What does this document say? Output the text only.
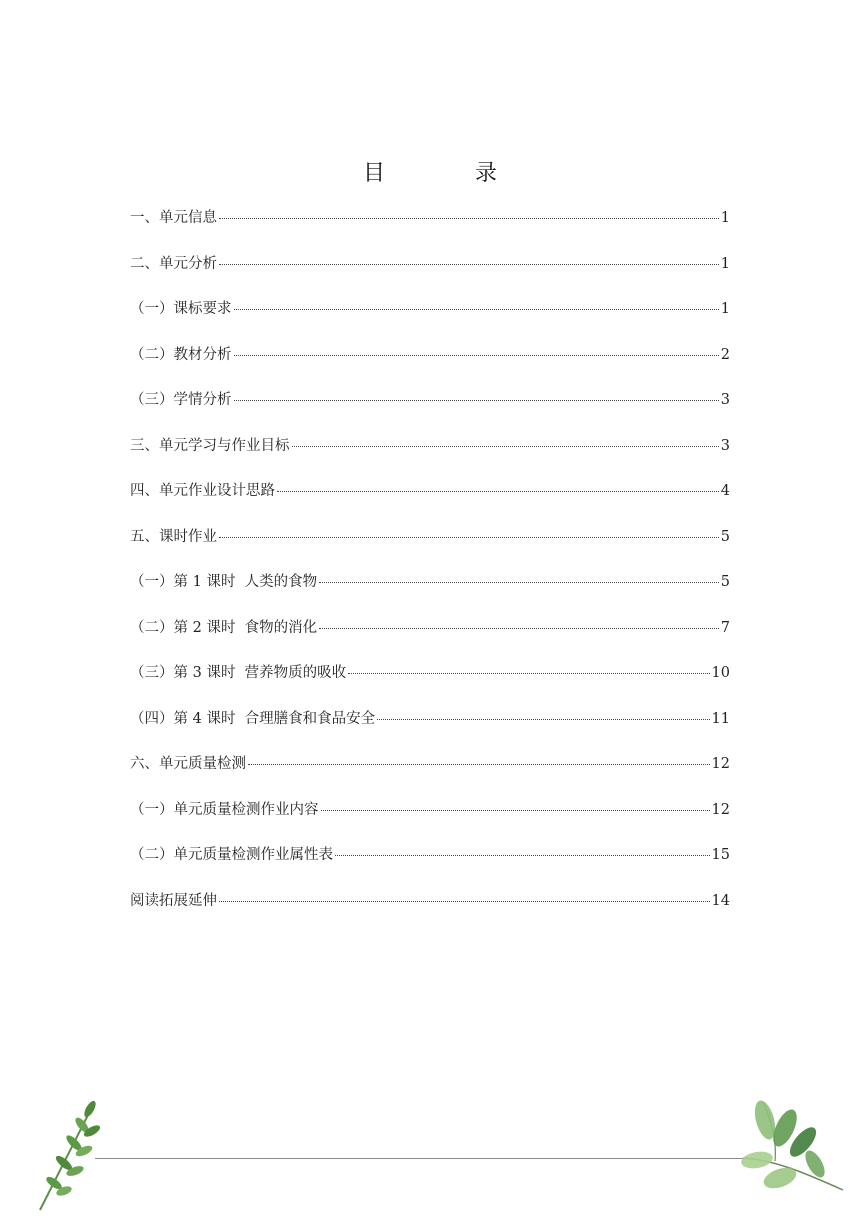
目　录
一、单元信息	1
二、单元分析	1
（一）课标要求	1
（二）教材分析	2
（三）学情分析	3
三、单元学习与作业目标	3
四、单元作业设计思路	4
五、课时作业	5
（一）第 1 课时  人类的食物	5
（二）第 2 课时  食物的消化	7
（三）第 3 课时  营养物质的吸收	10
（四）第 4 课时  合理膳食和食品安全	11
六、单元质量检测	12
（一）单元质量检测作业内容	12
（二）单元质量检测作业属性表	15
阅读拓展延伸	14
